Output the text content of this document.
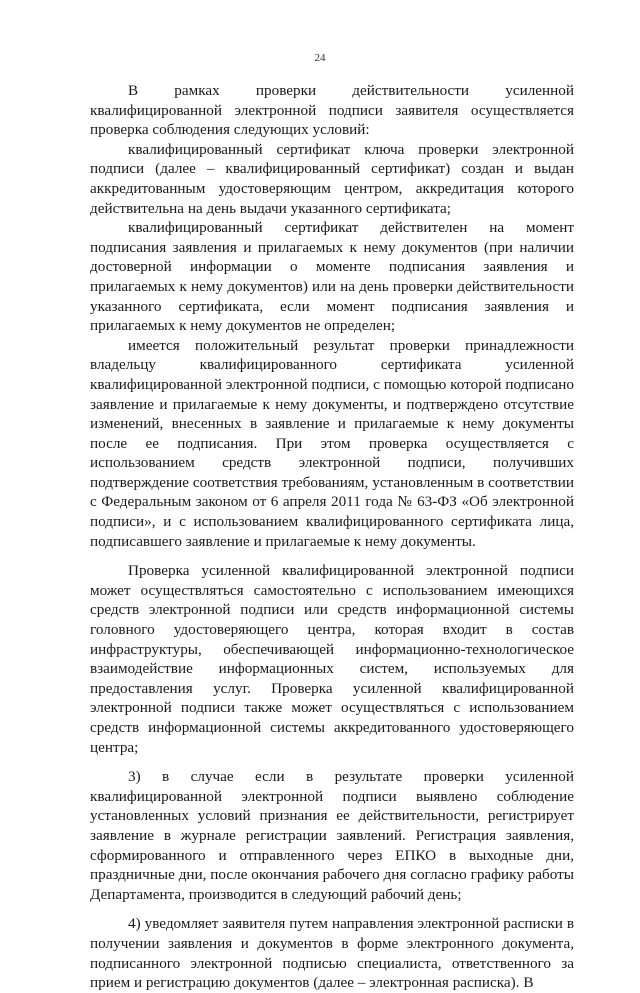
24

В рамках проверки действительности усиленной квалифицированной электронной подписи заявителя осуществляется проверка соблюдения следующих условий:

квалифицированный сертификат ключа проверки электронной подписи (далее – квалифицированный сертификат) создан и выдан аккредитованным удостоверяющим центром, аккредитация которого действительна на день выдачи указанного сертификата;

квалифицированный сертификат действителен на момент подписания заявления и прилагаемых к нему документов (при наличии достоверной информации о моменте подписания заявления и прилагаемых к нему документов) или на день проверки действительности указанного сертификата, если момент подписания заявления и прилагаемых к нему документов не определен;

имеется положительный результат проверки принадлежности владельцу квалифицированного сертификата усиленной квалифицированной электронной подписи, с помощью которой подписано заявление и прилагаемые к нему документы, и подтверждено отсутствие изменений, внесенных в заявление и прилагаемые к нему документы после ее подписания. При этом проверка осуществляется с использованием средств электронной подписи, получивших подтверждение соответствия требованиям, установленным в соответствии с Федеральным законом от 6 апреля 2011 года № 63-ФЗ «Об электронной подписи», и с использованием квалифицированного сертификата лица, подписавшего заявление и прилагаемые к нему документы.

Проверка усиленной квалифицированной электронной подписи может осуществляться самостоятельно с использованием имеющихся средств электронной подписи или средств информационной системы головного удостоверяющего центра, которая входит в состав инфраструктуры, обеспечивающей информационно-технологическое взаимодействие информационных систем, используемых для предоставления услуг. Проверка усиленной квалифицированной электронной подписи также может осуществляться с использованием средств информационной системы аккредитованного удостоверяющего центра;

3) в случае если в результате проверки усиленной квалифицированной электронной подписи выявлено соблюдение установленных условий признания ее действительности, регистрирует заявление в журнале регистрации заявлений. Регистрация заявления, сформированного и отправленного через ЕПКО в выходные дни, праздничные дни, после окончания рабочего дня согласно графику работы Департамента, производится в следующий рабочий день;

4) уведомляет заявителя путем направления электронной расписки в получении заявления и документов в форме электронного документа, подписанного электронной подписью специалиста, ответственного за прием и регистрацию документов (далее – электронная расписка). В
